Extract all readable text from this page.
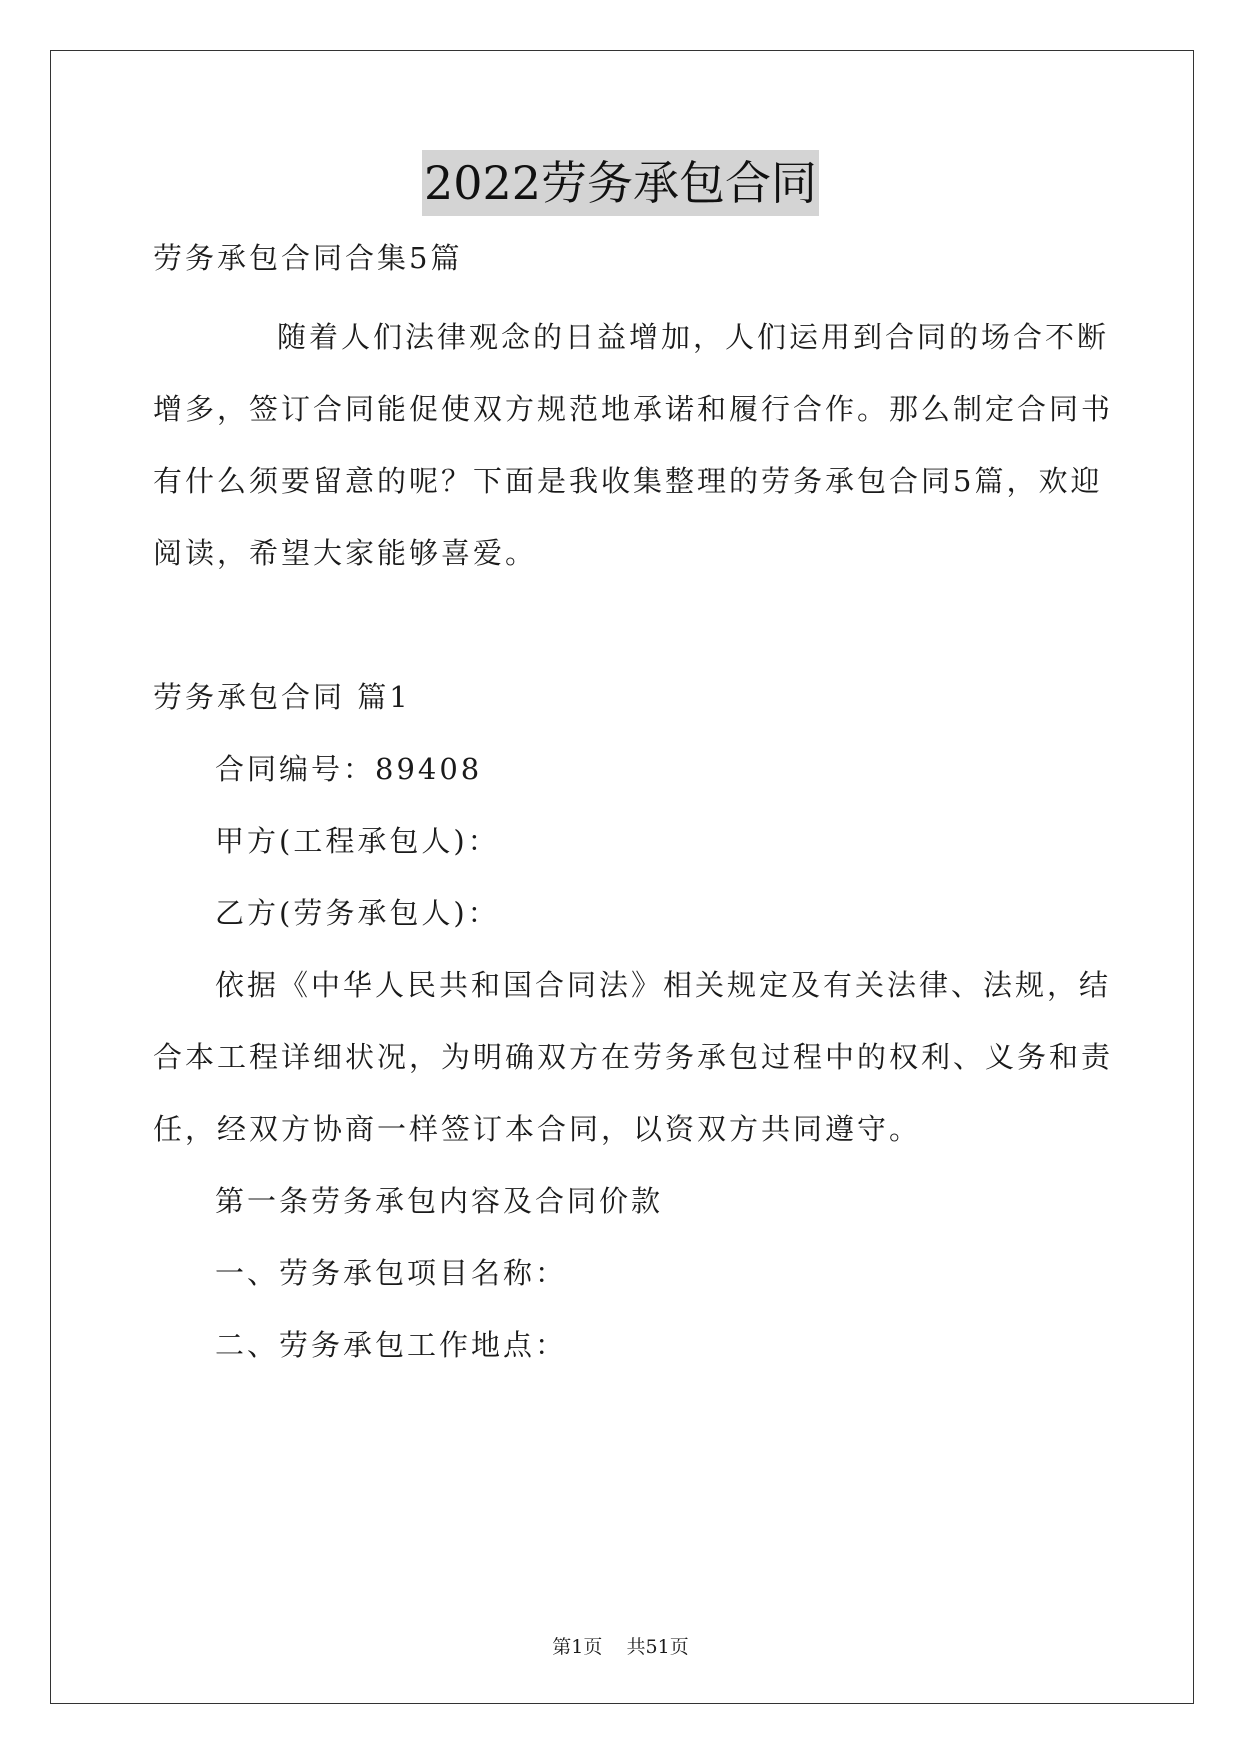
2022劳务承包合同
劳务承包合同合集5篇
随着人们法律观念的日益增加，人们运用到合同的场合不断
增多，签订合同能促使双方规范地承诺和履行合作。那么制定合同书
有什么须要留意的呢？下面是我收集整理的劳务承包合同5篇，欢迎
阅读，希望大家能够喜爱。
劳务承包合同 篇1
合同编号：89408
甲方(工程承包人)：
乙方(劳务承包人)：
依据《中华人民共和国合同法》相关规定及有关法律、法规，结
合本工程详细状况，为明确双方在劳务承包过程中的权利、义务和责
任，经双方协商一样签订本合同，以资双方共同遵守。
第一条劳务承包内容及合同价款
一、劳务承包项目名称：
二、劳务承包工作地点：
第1页 共51页
